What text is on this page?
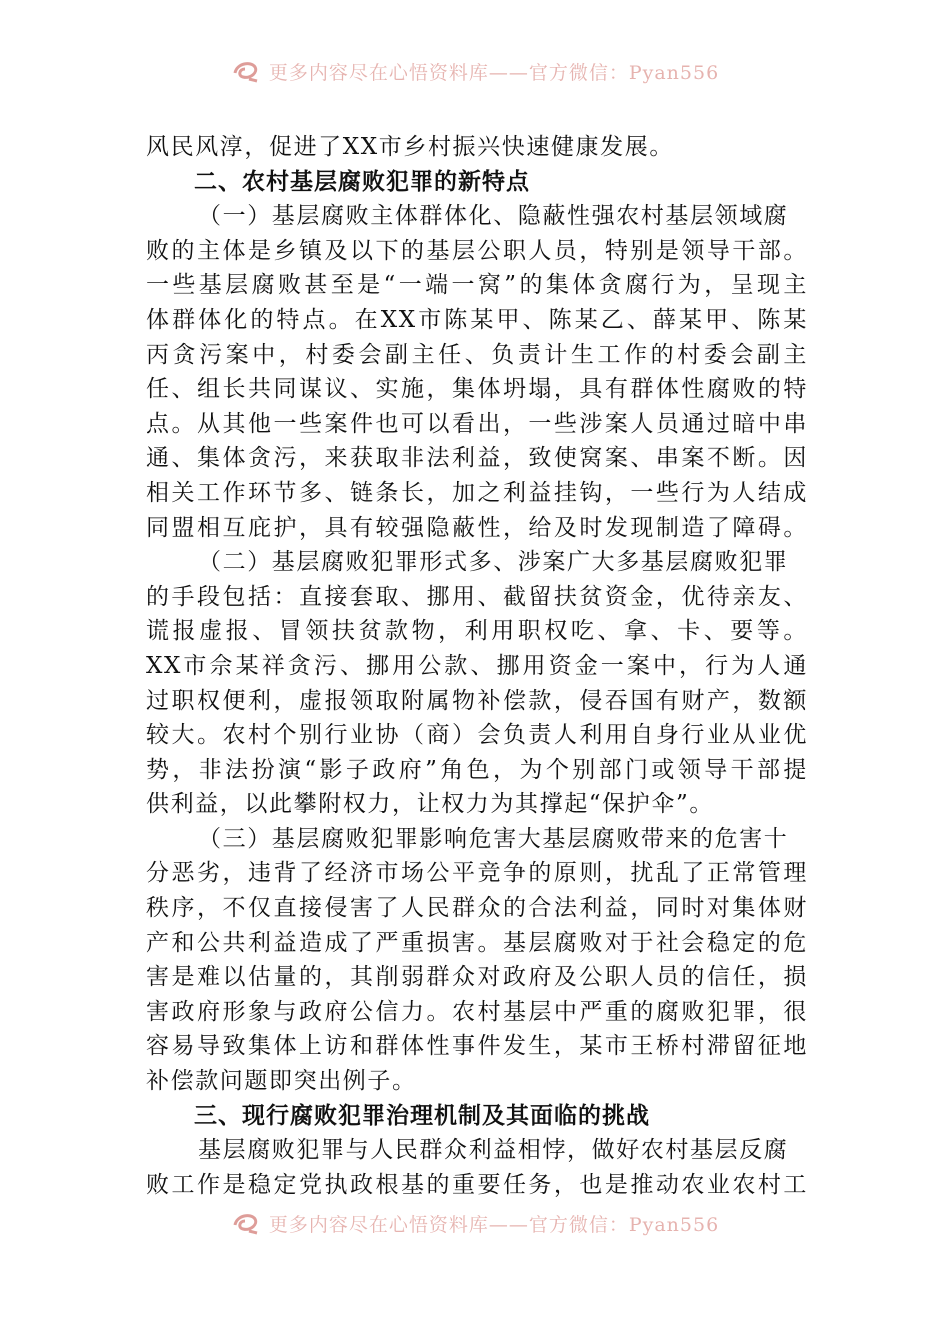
更多内容尽在心悟资料库——官方微信：Pyan556
风民风淳，促进了XX市乡村振兴快速健康发展。
二、农村基层腐败犯罪的新特点
（一）基层腐败主体群体化、隐蔽性强农村基层领域腐
败的主体是乡镇及以下的基层公职人员，特别是领导干部。
一些基层腐败甚至是“一端一窝”的集体贪腐行为，呈现主
体群体化的特点。在XX市陈某甲、陈某乙、薛某甲、陈某
丙贪污案中，村委会副主任、负责计生工作的村委会副主
任、组长共同谋议、实施，集体坍塌，具有群体性腐败的特
点。从其他一些案件也可以看出，一些涉案人员通过暗中串
通、集体贪污，来获取非法利益，致使窝案、串案不断。因
相关工作环节多、链条长，加之利益挂钩，一些行为人结成
同盟相互庇护，具有较强隐蔽性，给及时发现制造了障碍。
（二）基层腐败犯罪形式多、涉案广大多基层腐败犯罪
的手段包括：直接套取、挪用、截留扶贫资金，优待亲友、
谎报虚报、冒领扶贫款物，利用职权吃、拿、卡、要等。
XX市佘某祥贪污、挪用公款、挪用资金一案中，行为人通
过职权便利，虚报领取附属物补偿款，侵吞国有财产，数额
较大。农村个别行业协（商）会负责人利用自身行业从业优
势，非法扮演“影子政府”角色，为个别部门或领导干部提
供利益，以此攀附权力，让权力为其撑起“保护伞”。
（三）基层腐败犯罪影响危害大基层腐败带来的危害十
分恶劣，违背了经济市场公平竞争的原则，扰乱了正常管理
秩序，不仅直接侵害了人民群众的合法利益，同时对集体财
产和公共利益造成了严重损害。基层腐败对于社会稳定的危
害是难以估量的，其削弱群众对政府及公职人员的信任，损
害政府形象与政府公信力。农村基层中严重的腐败犯罪，很
容易导致集体上访和群体性事件发生，某市王桥村滞留征地
补偿款问题即突出例子。
三、现行腐败犯罪治理机制及其面临的挑战
基层腐败犯罪与人民群众利益相悖，做好农村基层反腐
败工作是稳定党执政根基的重要任务，也是推动农业农村工
更多内容尽在心悟资料库——官方微信：Pyan556
